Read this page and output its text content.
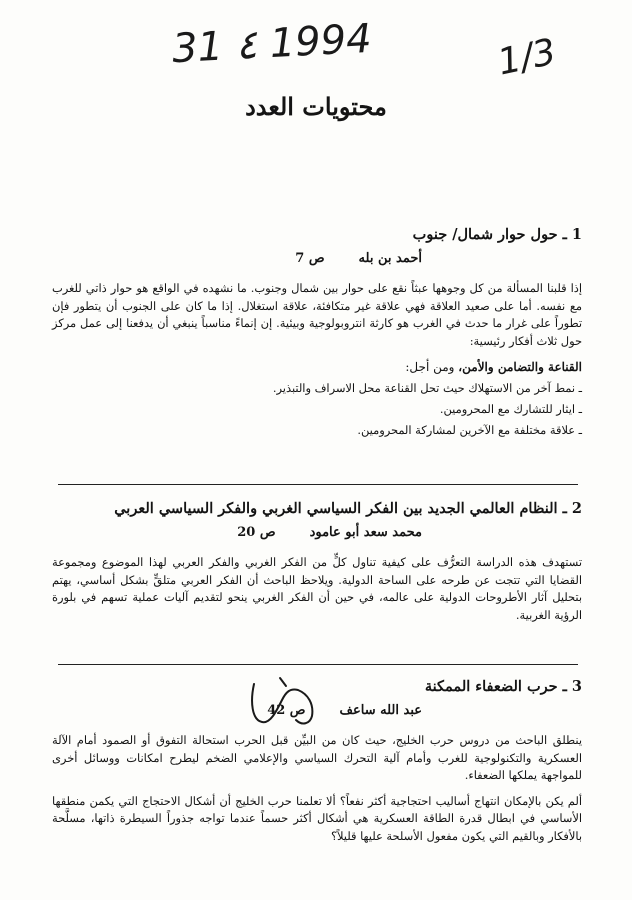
31 ٤ 1994	1/3
محتويات العدد

1 ـ حول حوار شمال/ جنوب

أحمد بن بله
ص 7

إذا قلبنا المسألة من كل وجوهها عبثاً نقع على حوار بين شمال وجنوب. ما نشهده في الواقع هو حوار ذاتي للغرب مع نفسه. أما على صعيد العلاقة فهي علاقة غير متكافئة، علاقة استغلال. إذا ما كان على الجنوب أن يتطور فإن تطوراً على غرار ما حدث في الغرب هو كارثة انتروبولوجية وبيئية. إن إنماءً مناسباً ينبغي أن يدفعنا إلى عمل مركز حول ثلاث أفكار رئيسية:

القناعة والتضامن والأمن، ومن أجل:

ـ نمط آخر من الاستهلاك حيث تحل القناعة محل الاسراف والتبذير.
ـ ايثار للتشارك مع المحرومين.
ـ علاقة مختلفة مع الآخرين لمشاركة المحرومين.

2 ـ النظام العالمي الجديد بين الفكر السياسي الغربي والفكر السياسي العربي

محمد سعد أبو عامود
ص 20

تستهدف هذه الدراسة التعرُّف على كيفية تناول كلٍّ من الفكر الغربي والفكر العربي لهذا الموضوع ومجموعة القضايا التي تتجت عن طرحه على الساحة الدولية. ويلاحظ الباحث أن الفكر العربي متلقٍّ بشكل أساسي، يهتم بتحليل آثار الأطروحات الدولية على عالمه، في حين أن الفكر الغربي ينحو لتقديم آليات عملية تسهم في بلورة الرؤية الغربية.

3 ـ حرب الضعفاء الممكنة

عبد الله ساعف
ص 42

ينطلق الباحث من دروس حرب الخليج، حيث كان من البيِّن قبل الحرب استحالة التفوق أو الصمود أمام الآلة العسكرية والتكنولوجية للغرب وأمام آلية التحرك السياسي والإعلامي الضخم ليطرح امكانات ووسائل أخرى للمواجهة يملكها الضعفاء.

ألم يكن بالإمكان انتهاج أساليب احتجاجية أكثر نفعاً؟ ألا تعلمنا حرب الخليج أن أشكال الاحتجاج التي يكمن منطقها الأساسي في ابطال قدرة الطاقة العسكرية هي أشكال أكثر حسماً عندما تواجه جذوراً السيطرة ذاتها، مسلَّحة بالأفكار وبالقيم التي يكون مفعول الأسلحة عليها قليلاً؟
